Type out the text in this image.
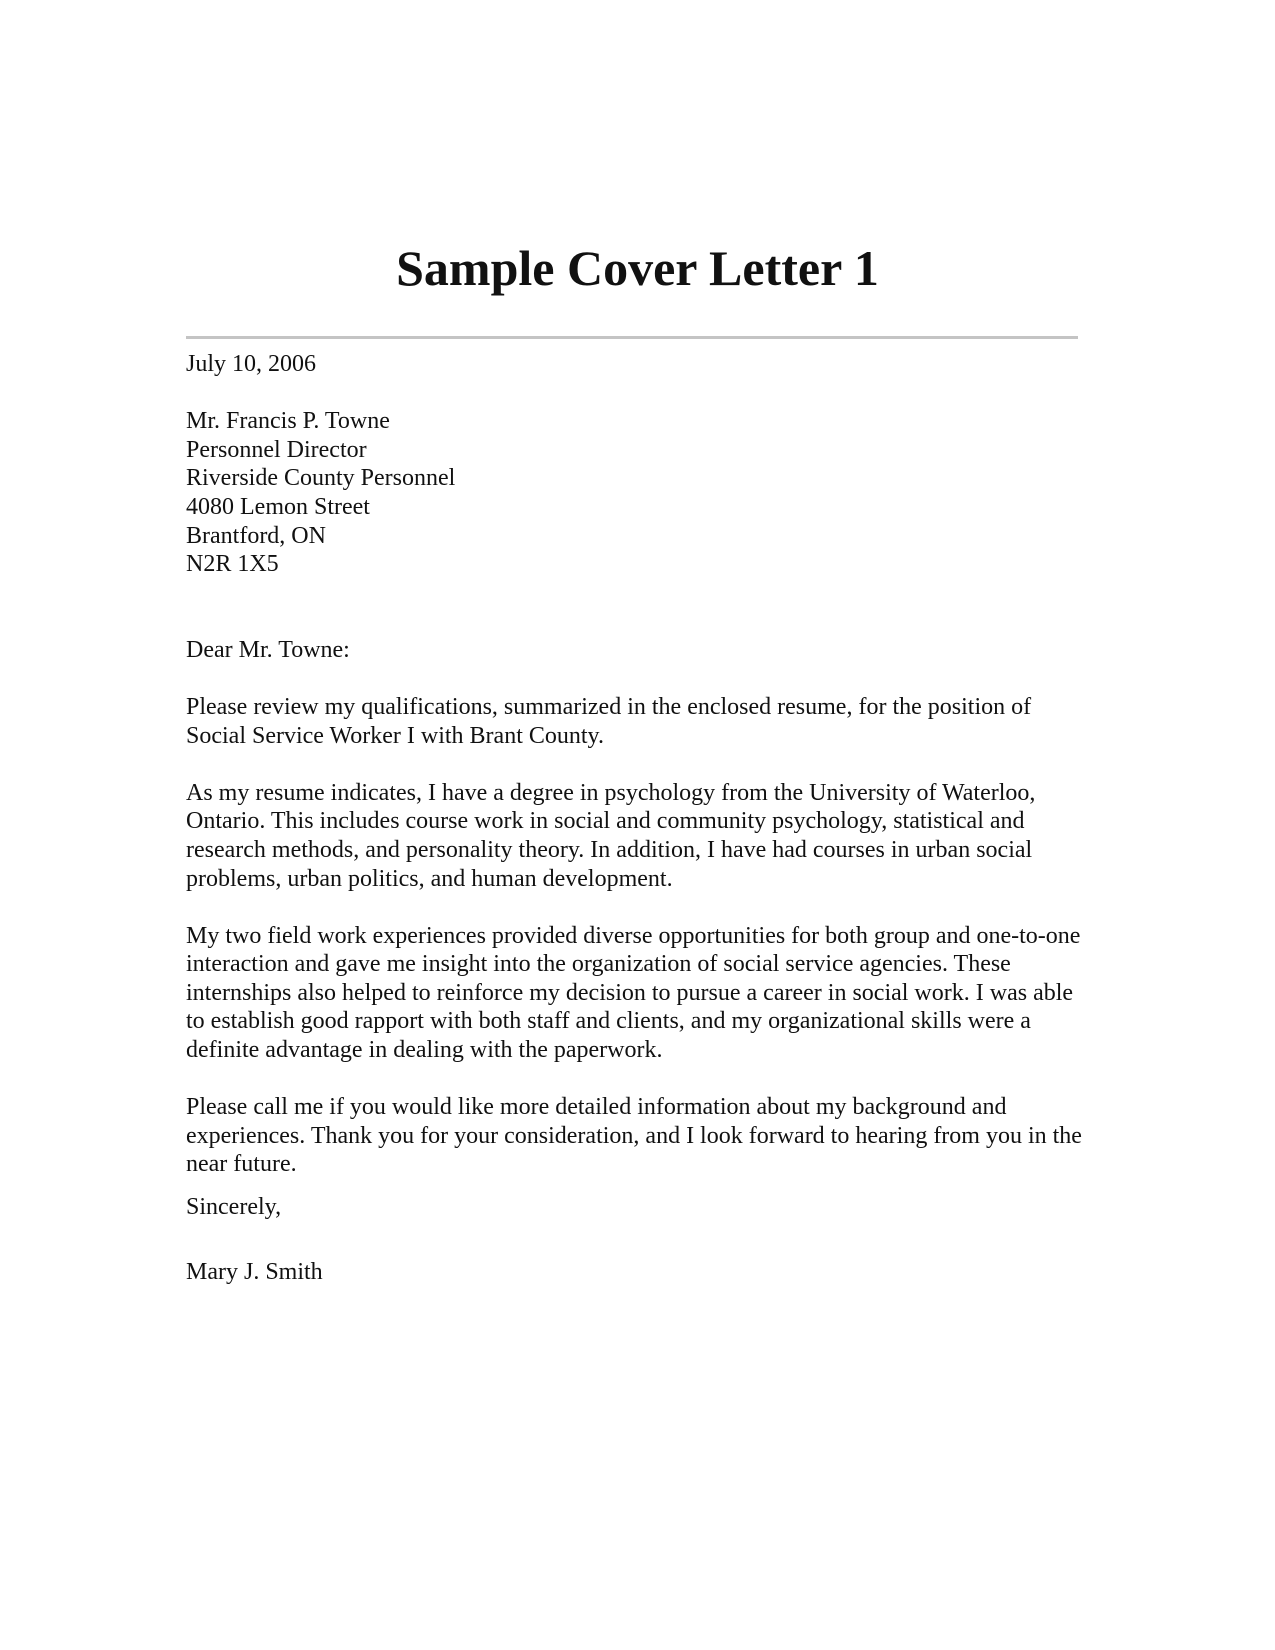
Sample Cover Letter 1

July 10, 2006

Mr. Francis P. Towne
Personnel Director
Riverside County Personnel
4080 Lemon Street
Brantford, ON
N2R 1X5

Dear Mr. Towne:

Please review my qualifications, summarized in the enclosed resume, for the position of Social Service Worker I with Brant County.

As my resume indicates, I have a degree in psychology from the University of Waterloo, Ontario. This includes course work in social and community psychology, statistical and research methods, and personality theory. In addition, I have had courses in urban social problems, urban politics, and human development.

My two field work experiences provided diverse opportunities for both group and one-to-one interaction and gave me insight into the organization of social service agencies. These internships also helped to reinforce my decision to pursue a career in social work. I was able to establish good rapport with both staff and clients, and my organizational skills were a definite advantage in dealing with the paperwork.

Please call me if you would like more detailed information about my background and experiences. Thank you for your consideration, and I look forward to hearing from you in the near future.

Sincerely,

Mary J. Smith
